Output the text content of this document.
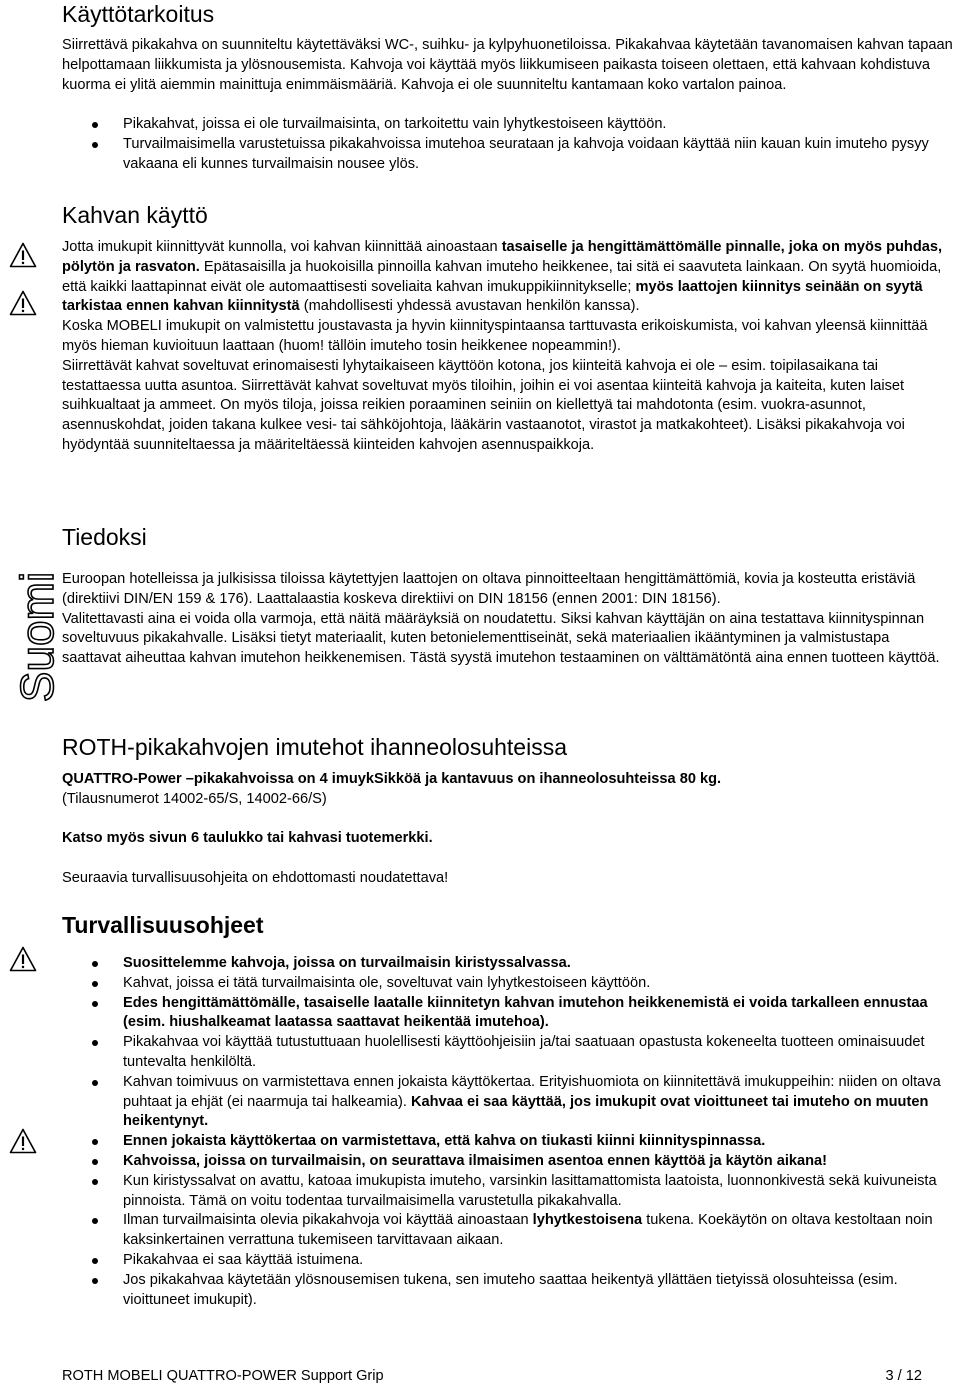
Käyttötarkoitus

Siirrettävä pikakahva on suunniteltu käytettäväksi WC-, suihku- ja kylpyhuonetiloissa. Pikakahvaa käytetään tavanomaisen kahvan tapaan helpottamaan liikkumista ja ylösnousemista. Kahvoja voi käyttää myös liikkumiseen paikasta toiseen olettaen, että kahvaan kohdistuva kuorma ei ylitä aiemmin mainittuja enimmäismääriä. Kahvoja ei ole suunniteltu kantamaan koko vartalon painoa.

Pikakahvat, joissa ei ole turvailmaisinta, on tarkoitettu vain lyhytkestoiseen käyttöön.
Turvailmaisimella varustetuissa pikakahvoissa imutehoa seurataan ja kahvoja voidaan käyttää niin kauan kuin imuteho pysyy vakaana eli kunnes turvailmaisin nousee ylös.
Kahvan käyttö

Jotta imukupit kiinnittyvät kunnolla, voi kahvan kiinnittää ainoastaan tasaiselle ja hengittämättömälle pinnalle, joka on myös puhdas, pölytön ja rasvaton. Epätasaisilla ja huokoisilla pinnoilla kahvan imuteho heikkenee, tai sitä ei saavuteta lainkaan. On syytä huomioida, että kaikki laattapinnat eivät ole automaattisesti soveliaita kahvan imukuppikiinnitykselle; myös laattojen kiinnitys seinään on syytä tarkistaa ennen kahvan kiinnitystä (mahdollisesti yhdessä avustavan henkilön kanssa).

Koska MOBELI imukupit on valmistettu joustavasta ja hyvin kiinnityspintaansa tarttuvasta erikoiskumista, voi kahvan yleensä kiinnittää myös hieman kuvioituun laattaan (huom! tällöin imuteho tosin heikkenee nopeammin!).

Siirrettävät kahvat soveltuvat erinomaisesti lyhytaikaiseen käyttöön kotona, jos kiinteitä kahvoja ei ole – esim. toipilasaikana tai testattaessa uutta asuntoa. Siirrettävät kahvat soveltuvat myös tiloihin, joihin ei voi asentaa kiinteitä kahvoja ja kaiteita, kuten laiset suihkualtaat ja ammeet. On myös tiloja, joissa reikien poraaminen seiniin on kiellettyä tai mahdotonta (esim. vuokra-asunnot, asennuskohdat, joiden takana kulkee vesi- tai sähköjohtoja, lääkärin vastaanotot, virastot ja matkakohteet). Lisäksi pikakahvoja voi hyödyntää suunniteltaessa ja määriteltäessä kiinteiden kahvojen asennuspaikkoja.

Suomi
Tiedoksi

Euroopan hotelleissa ja julkisissa tiloissa käytettyjen laattojen on oltava pinnoitteeltaan hengittämättömiä, kovia ja kosteutta eristäviä (direktiivi DIN/EN 159 & 176). Laattalaastia koskeva direktiivi on DIN 18156 (ennen 2001: DIN 18156).

Valitettavasti aina ei voida olla varmoja, että näitä määräyksiä on noudatettu. Siksi kahvan käyttäjän on aina testattava kiinnityspinnan soveltuvuus pikakahvalle. Lisäksi tietyt materiaalit, kuten betonielementtiseinät, sekä materiaalien ikääntyminen ja valmistustapa saattavat aiheuttaa kahvan imutehon heikkenemisen. Tästä syystä imutehon testaaminen on välttämätöntä aina ennen tuotteen käyttöä.

ROTH-pikakahvojen imutehot ihanneolosuhteissa

QUATTRO-Power –pikakahvoissa on 4 imuykSikköä ja kantavuus on ihanneolosuhteissa 80 kg.

(Tilausnumerot 14002-65/S, 14002-66/S)

Katso myös sivun 6 taulukko tai kahvasi tuotemerkki.

Seuraavia turvallisuusohjeita on ehdottomasti noudatettava!

Turvallisuusohjeet
Suosittelemme kahvoja, joissa on turvailmaisin kiristyssalvassa.
Kahvat, joissa ei tätä turvailmaisinta ole, soveltuvat vain lyhytkestoiseen käyttöön.
Edes hengittämättömälle, tasaiselle laatalle kiinnitetyn kahvan imutehon heikkenemistä ei voida tarkalleen ennustaa (esim. hiushalkeamat laatassa saattavat heikentää imutehoa).
Pikakahvaa voi käyttää tutustuttuaan huolellisesti käyttöohjeisiin ja/tai saatuaan opastusta kokeneelta tuotteen ominaisuudet tuntevalta henkilöltä.
Kahvan toimivuus on varmistettava ennen jokaista käyttökertaa. Erityishuomiota on kiinnitettävä imukuppeihin: niiden on oltava puhtaat ja ehjät (ei naarmuja tai halkeamia). Kahvaa ei saa käyttää, jos imukupit ovat vioittuneet tai imuteho on muuten heikentynyt.
Ennen jokaista käyttökertaa on varmistettava, että kahva on tiukasti kiinni kiinnityspinnassa.
Kahvoissa, joissa on turvailmaisin, on seurattava ilmaisimen asentoa ennen käyttöä ja käytön aikana!
Kun kiristyssalvat on avattu, katoaa imukupista imuteho, varsinkin lasittamattomista laatoista, luonnonkivestä sekä kuivuneista pinnoista. Tämä on voitu todentaa turvailmaisimella varustetulla pikakahvalla.
Ilman turvailmaisinta olevia pikakahvoja voi käyttää ainoastaan lyhytkestoisena tukena. Koekäytön on oltava kestoltaan noin kaksinkertainen verrattuna tukemiseen tarvittavaan aikaan.
Pikakahvaa ei saa käyttää istuimena.
Jos pikakahvaa käytetään ylösnousemisen tukena, sen imuteho saattaa heikentyä yllättäen tietyissä olosuhteissa (esim. vioittuneet imukupit).
ROTH MOBELI QUATTRO-POWER Support Grip	3 / 12
